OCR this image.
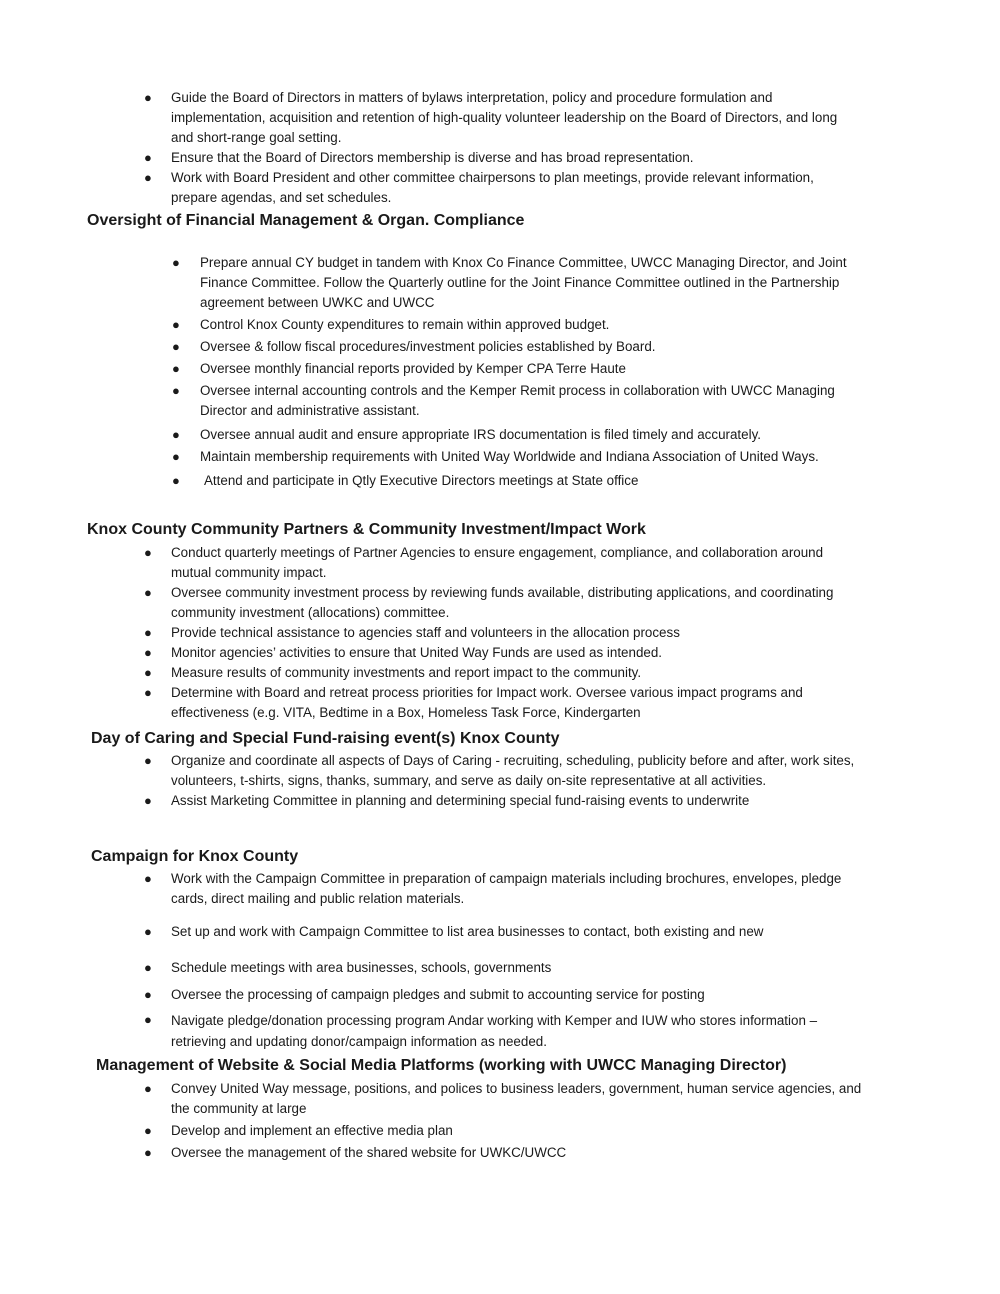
● Guide the Board of Directors in matters of bylaws interpretation, policy and procedure formulation and implementation, acquisition and retention of high-quality volunteer leadership on the Board of Directors, and long and short-range goal setting.
● Ensure that the Board of Directors membership is diverse and has broad representation.
● Work with Board President and other committee chairpersons to plan meetings, provide relevant information, prepare agendas, and set schedules.
Oversight of Financial Management & Organ. Compliance
● Prepare annual CY budget in tandem with Knox Co Finance Committee, UWCC Managing Director, and Joint Finance Committee. Follow the Quarterly outline for the Joint Finance Committee outlined in the Partnership agreement between UWKC and UWCC
● Control Knox County expenditures to remain within approved budget.
● Oversee & follow fiscal procedures/investment policies established by Board.
● Oversee monthly financial reports provided by Kemper CPA Terre Haute
● Oversee internal accounting controls and the Kemper Remit process in collaboration with UWCC Managing Director and administrative assistant.
● Oversee annual audit and ensure appropriate IRS documentation is filed timely and accurately.
● Maintain membership requirements with United Way Worldwide and Indiana Association of United Ways.
● Attend and participate in Qtly Executive Directors meetings at State office
Knox County Community Partners & Community Investment/Impact Work
● Conduct quarterly meetings of Partner Agencies to ensure engagement, compliance, and collaboration around mutual community impact.
● Oversee community investment process by reviewing funds available, distributing applications, and coordinating community investment (allocations) committee.
● Provide technical assistance to agencies staff and volunteers in the allocation process
● Monitor agencies’ activities to ensure that United Way Funds are used as intended.
● Measure results of community investments and report impact to the community.
● Determine with Board and retreat process priorities for Impact work. Oversee various impact programs and effectiveness (e.g. VITA, Bedtime in a Box, Homeless Task Force, Kindergarten
Day of Caring and Special Fund-raising event(s) Knox County
● Organize and coordinate all aspects of Days of Caring - recruiting, scheduling, publicity before and after, work sites, volunteers, t-shirts, signs, thanks, summary, and serve as daily on-site representative at all activities.
● Assist Marketing Committee in planning and determining special fund-raising events to underwrite
Campaign for Knox County
● Work with the Campaign Committee in preparation of campaign materials including brochures, envelopes, pledge cards, direct mailing and public relation materials.
● Set up and work with Campaign Committee to list area businesses to contact, both existing and new
● Schedule meetings with area businesses, schools, governments
● Oversee the processing of campaign pledges and submit to accounting service for posting
● Navigate pledge/donation processing program Andar working with Kemper and IUW who stores information – retrieving and updating donor/campaign information as needed.
Management of Website & Social Media Platforms (working with UWCC Managing Director)
● Convey United Way message, positions, and polices to business leaders, government, human service agencies, and the community at large
● Develop and implement an effective media plan
● Oversee the management of the shared website for UWKC/UWCC
